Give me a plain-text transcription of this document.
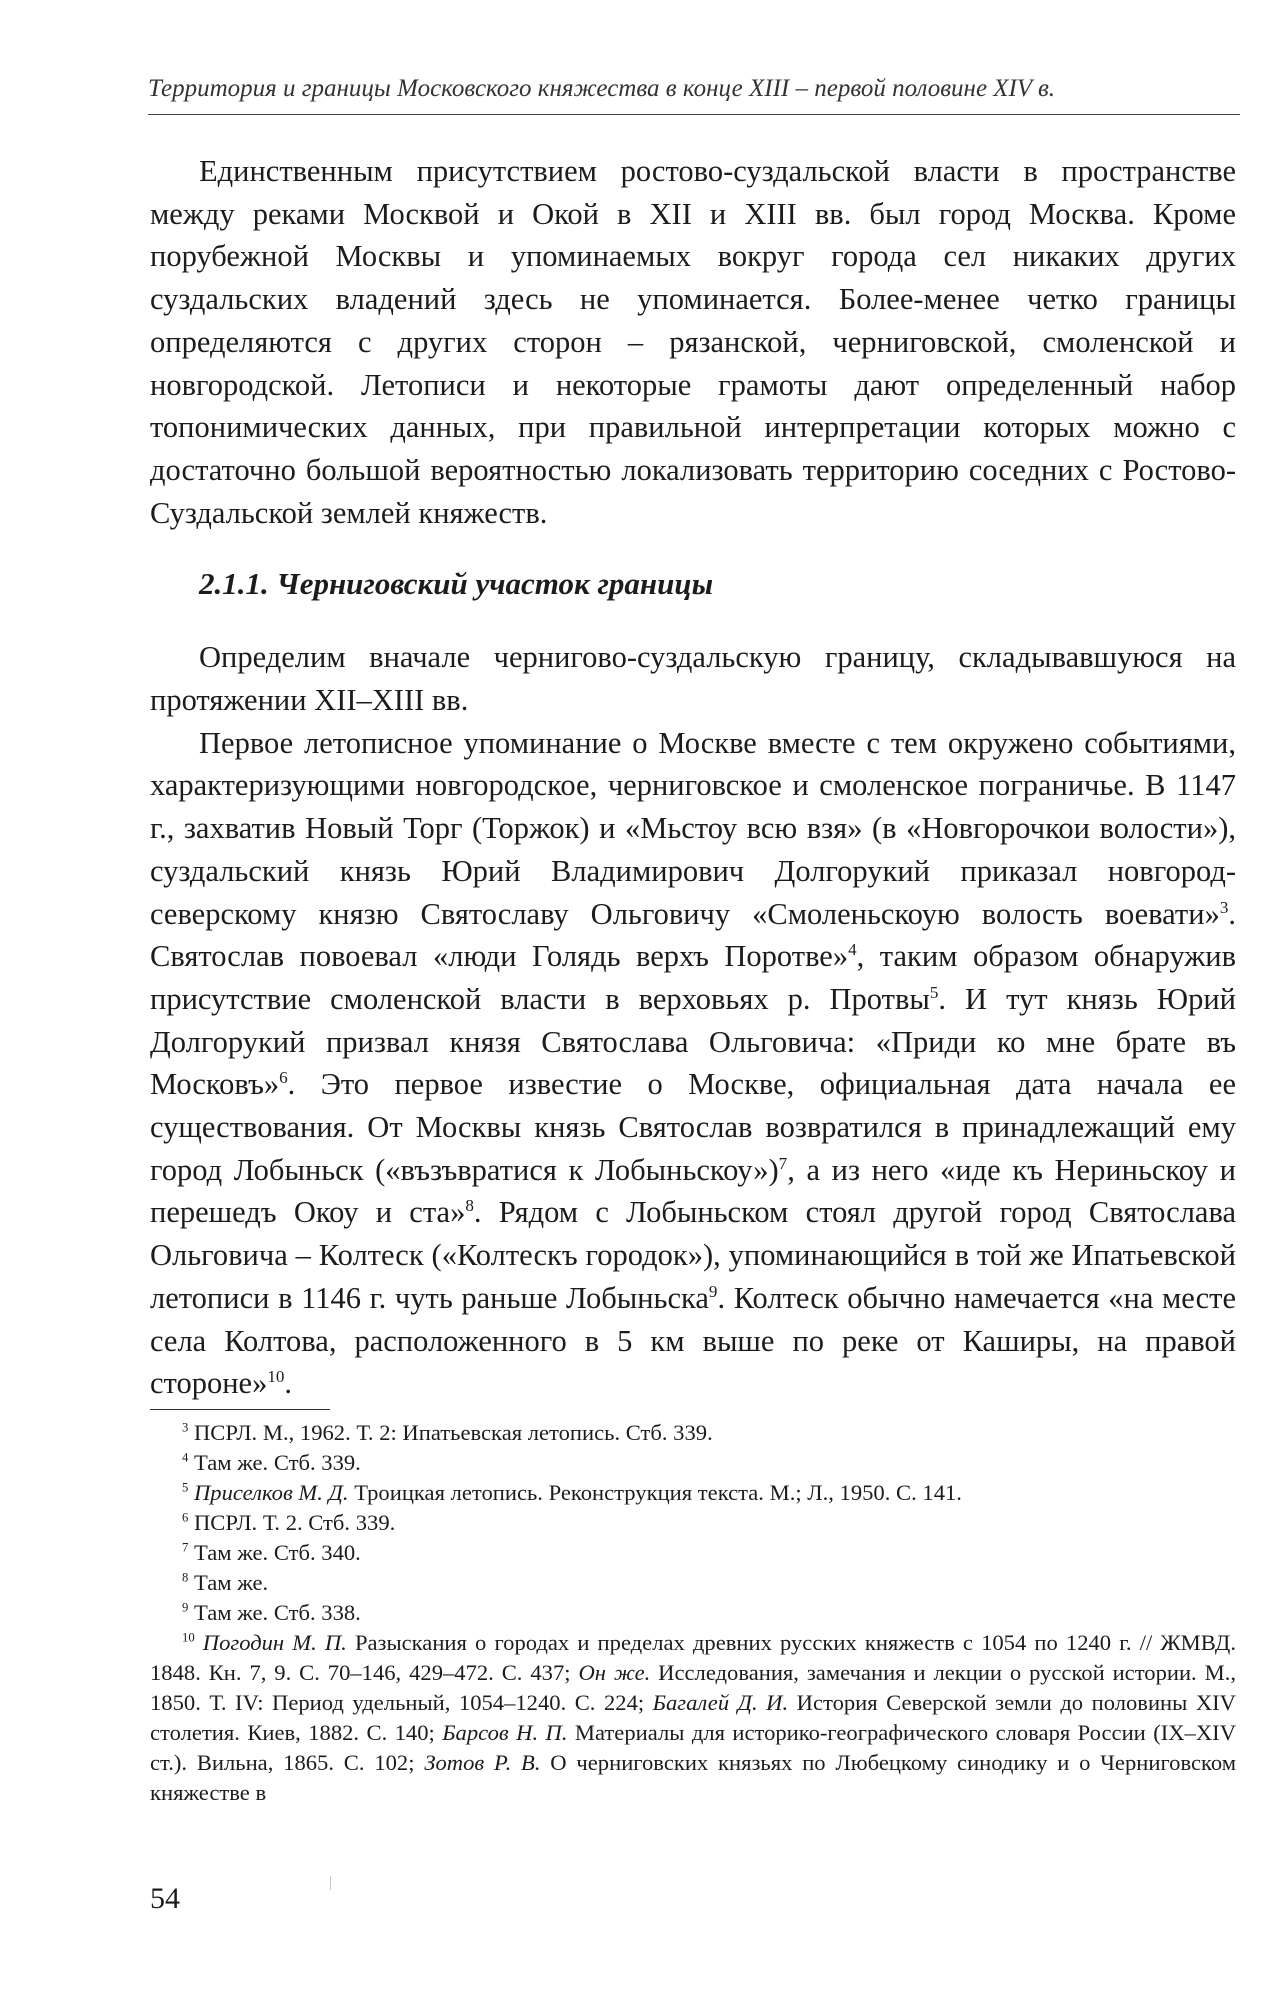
Территория и границы Московского княжества в конце XIII – первой половине XIV в.

Единственным присутствием ростово-суздальской власти в пространстве между реками Москвой и Окой в XII и XIII вв. был город Москва. Кроме порубежной Москвы и упоминаемых вокруг города сел никаких других суздальских владений здесь не упоминается. Более-менее четко границы определяются с других сторон – рязанской, черниговской, смоленской и новгородской. Летописи и некоторые грамоты дают определенный набор топонимических данных, при правильной интерпретации которых можно с достаточно большой вероятностью локализовать территорию соседних с Ростово-Суздальской землей княжеств.

2.1.1. Черниговский участок границы

Определим вначале чернигово-суздальскую границу, складывавшуюся на протяжении XII–XIII вв.

Первое летописное упоминание о Москве вместе с тем окружено событиями, характеризующими новгородское, черниговское и смоленское пограничье. В 1147 г., захватив Новый Торг (Торжок) и «Мьстоу всю взя» (в «Новгорочкои волости»), суздальский князь Юрий Владимирович Долгорукий приказал новгород-северскому князю Святославу Ольговичу «Смоленьскоую волость воевати»$^3$. Святослав повоевал «люди Голядь верхъ Поротве»$^4$, таким образом обнаружив присутствие смоленской власти в верховьях р. Протвы$^5$. И тут князь Юрий Долгорукий призвал князя Святослава Ольговича: «Приди ко мне брате въ Московъ»$^6$. Это первое известие о Москве, официальная дата начала ее существования. От Москвы князь Святослав возвратился в принадлежащий ему город Лобыньск («възъвратися к Лобыньскоу»)$^7$, а из него «иде къ Нериньскоу и перешедъ Окоу и ста»$^8$. Рядом с Лобыньском стоял другой город Святослава Ольговича – Колтеск («Колтескъ городок»), упоминающийся в той же Ипатьевской летописи в 1146 г. чуть раньше Лобыньска$^9$. Колтеск обычно намечается «на месте села Колтова, расположенного в 5 км выше по реке от Каширы, на правой стороне»$^{10}$.

$^3$ ПСРЛ. М., 1962. Т. 2: Ипатьевская летопись. Стб. 339.

$^4$ Там же. Стб. 339.

$^5$ Приселков М. Д. Троицкая летопись. Реконструкция текста. М.; Л., 1950. С. 141.

$^6$ ПСРЛ. Т. 2. Стб. 339.

$^7$ Там же. Стб. 340.

$^8$ Там же.

$^9$ Там же. Стб. 338.

$^{10}$ Погодин М. П. Разыскания о городах и пределах древних русских княжеств с 1054 по 1240 г. // ЖМВД. 1848. Кн. 7, 9. С. 70–146, 429–472. С. 437; Он же. Исследования, замечания и лекции о русской истории. М., 1850. Т. IV: Период удельный, 1054–1240. С. 224; Багалей Д. И. История Северской земли до половины XIV столетия. Киев, 1882. С. 140; Барсов Н. П. Материалы для историко-географического словаря России (IX–XIV ст.). Вильна, 1865. С. 102; Зотов Р. В. О черниговских князьях по Любецкому синодику и о Черниговском княжестве в

54
